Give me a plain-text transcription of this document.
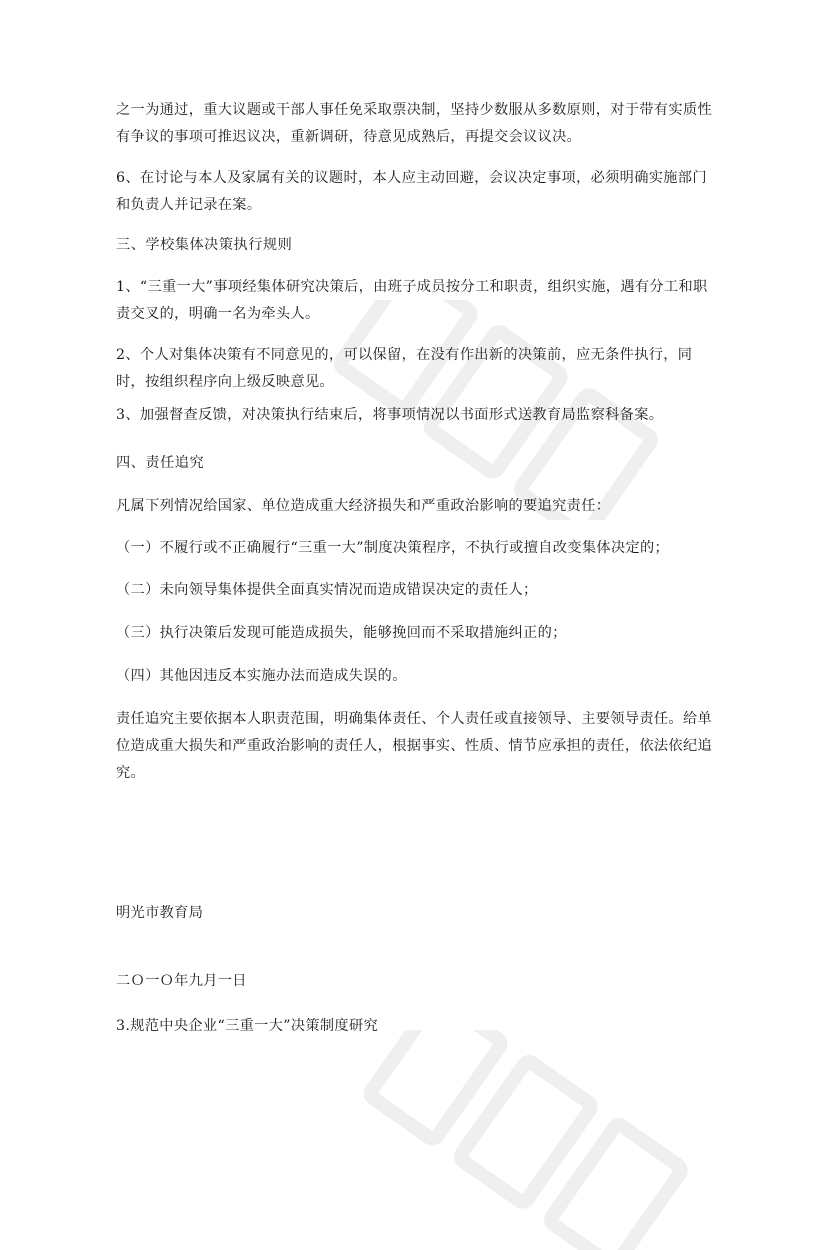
之一为通过，重大议题或干部人事任免采取票决制，坚持少数服从多数原则，对于带有实质性有争议的事项可推迟议决，重新调研，待意见成熟后，再提交会议议决。

6、在讨论与本人及家属有关的议题时，本人应主动回避，会议决定事项，必须明确实施部门和负责人并记录在案。

三、学校集体决策执行规则

1、“三重一大”事项经集体研究决策后，由班子成员按分工和职责，组织实施，遇有分工和职责交叉的，明确一名为牵头人。

2、个人对集体决策有不同意见的，可以保留，在没有作出新的决策前，应无条件执行，同时，按组织程序向上级反映意见。

3、加强督查反馈，对决策执行结束后，将事项情况以书面形式送教育局监察科备案。

四、责任追究

凡属下列情况给国家、单位造成重大经济损失和严重政治影响的要追究责任：

（一）不履行或不正确履行“三重一大”制度决策程序，不执行或擅自改变集体决定的；

（二）未向领导集体提供全面真实情况而造成错误决定的责任人；

（三）执行决策后发现可能造成损失，能够挽回而不采取措施纠正的；

（四）其他因违反本实施办法而造成失误的。

责任追究主要依据本人职责范围，明确集体责任、个人责任或直接领导、主要领导责任。给单位造成重大损失和严重政治影响的责任人，根据事实、性质、情节应承担的责任，依法依纪追究。

明光市教育局

二Ｏ一Ｏ年九月一日

3.规范中央企业“三重一大”决策制度研究
